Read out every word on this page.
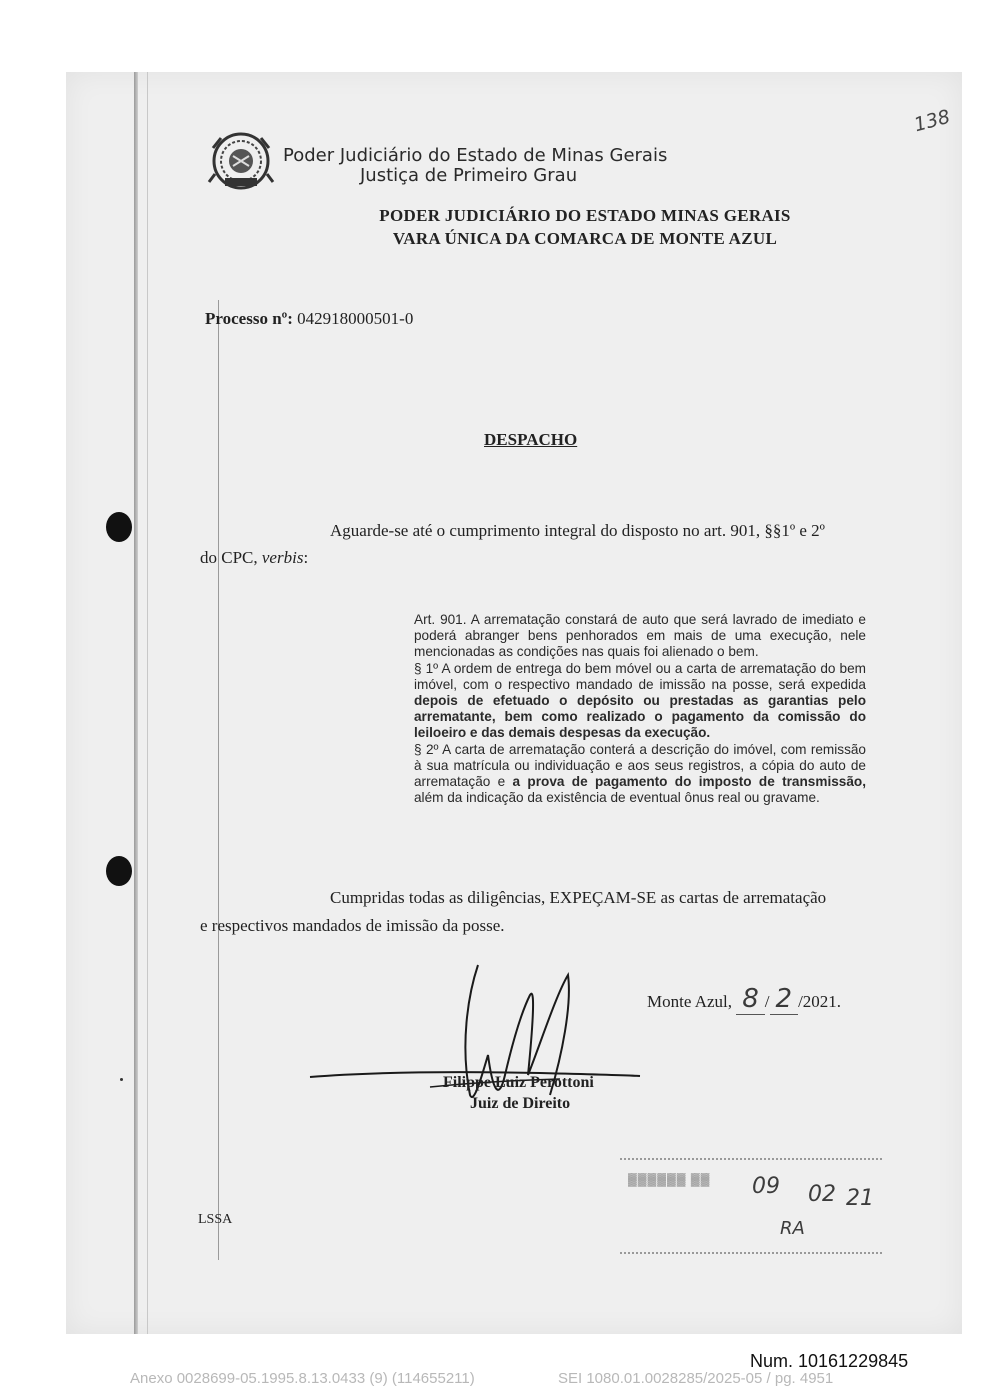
Poder Judiciário do Estado de Minas Gerais
Justiça de Primeiro Grau
PODER JUDICIÁRIO DO ESTADO MINAS GERAIS
VARA ÚNICA DA COMARCA DE MONTE AZUL
138
Processo nº: 042918000501-0
DESPACHO
Aguarde-se até o cumprimento integral do disposto no art. 901, §§1º e 2º
do CPC, verbis:

Art. 901. A arrematação constará de auto que será lavrado de imediato e poderá abranger bens penhorados em mais de uma execução, nele mencionadas as condições nas quais foi alienado o bem.

§ 1º A ordem de entrega do bem móvel ou a carta de arrematação do bem imóvel, com o respectivo mandado de imissão na posse, será expedida depois de efetuado o depósito ou prestadas as garantias pelo arrematante, bem como realizado o pagamento da comissão do leiloeiro e das demais despesas da execução.

§ 2º A carta de arrematação conterá a descrição do imóvel, com remissão à sua matrícula ou individuação e aos seus registros, a cópia do auto de arrematação e a prova de pagamento do imposto de transmissão, além da indicação da existência de eventual ônus real ou gravame.

Cumpridas todas as diligências, EXPEÇAM-SE as cartas de arrematação
e respectivos mandados de imissão da posse.
Monte Azul, 8 / 2 /2021.
Filippe Luiz Perottoni
Juiz de Direito
▓▓▓▓▓▓ ▓▓ 09 02 21
RA
LSSA
Num. 10161229845
Anexo 0028699-05.1995.8.13.0433 (9) (114655211)	SEI 1080.01.0028285/2025-05 / pg. 4951
